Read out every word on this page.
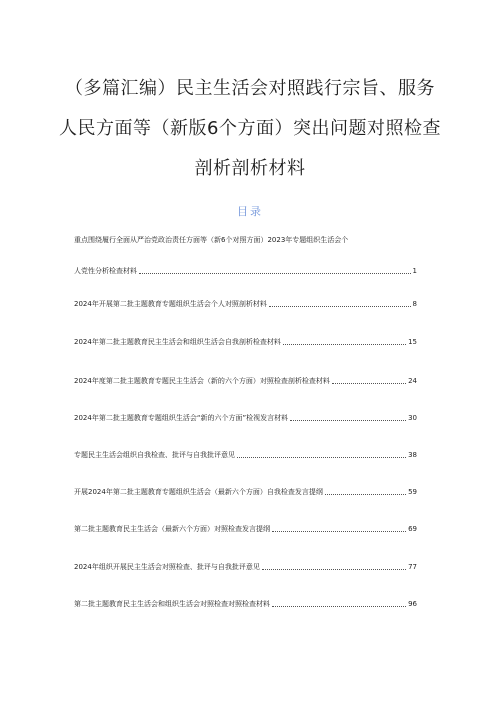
（多篇汇编）民主生活会对照践行宗旨、服务
人民方面等（新版6个方面）突出问题对照检查
剖析剖析材料
目录
重点围绕履行全面从严治党政治责任方面等（新6个对照方面）2023年专题组织生活会个
人党性分析检查材料	1
2024年开展第二批主题教育专题组织生活会个人对照剖析材料	8
2024年第二批主题教育民主生活会和组织生活会自我剖析检查材料	15
2024年度第二批主题教育专题民主生活会（新的六个方面）对照检查剖析检查材料	24
2024年第二批主题教育专题组织生活会“新的六个方面”检视发言材料	30
专题民主生活会组织自我检查、批评与自我批评意见	38
开展2024年第二批主题教育专题组织生活会（最新六个方面）自我检查发言提纲	59
第二批主题教育民主生活会（最新六个方面）对照检查发言提纲	69
2024年组织开展民主生活会对照检查、批评与自我批评意见	77
第二批主题教育民主生活会和组织生活会对照检查对照检查材料	96
